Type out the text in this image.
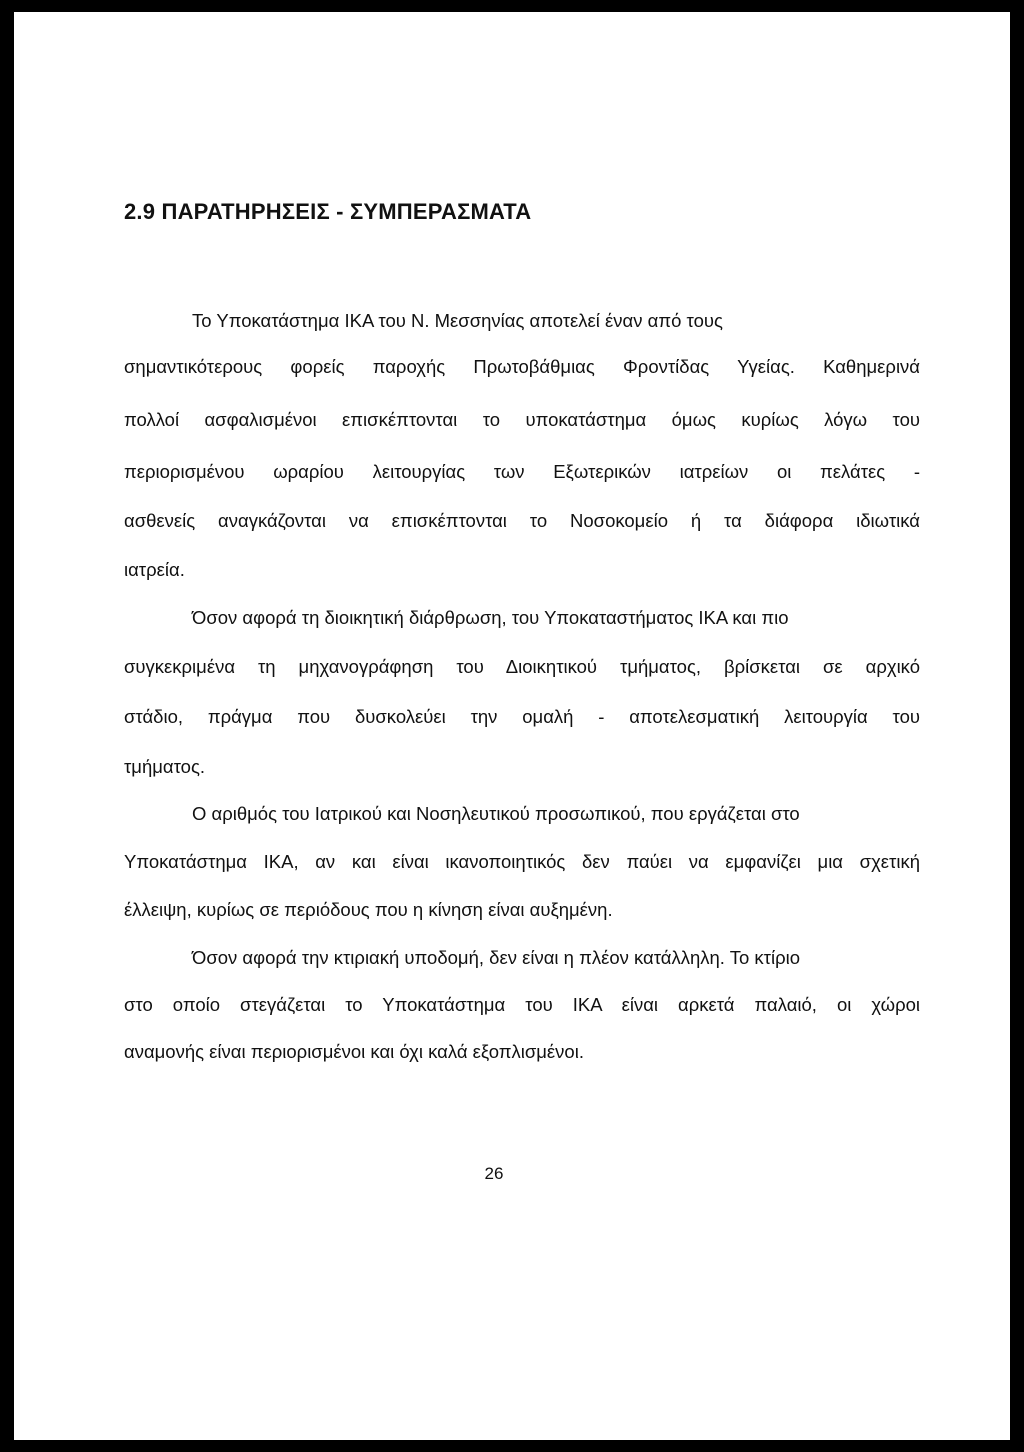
2.9 ΠΑΡΑΤΗΡΗΣΕΙΣ - ΣΥΜΠΕΡΑΣΜΑΤΑ

Το Υποκατάστημα ΙΚΑ του Ν. Μεσσηνίας αποτελεί έναν από τους

σημαντικότερους φορείς παροχής Πρωτοβάθμιας Φροντίδας Υγείας. Καθημερινά

πολλοί ασφαλισμένοι επισκέπτονται το υποκατάστημα όμως κυρίως λόγω του

περιορισμένου ωραρίου λειτουργίας των Εξωτερικών ιατρείων οι πελάτες -

ασθενείς αναγκάζονται να επισκέπτονται το Νοσοκομείο ή τα διάφορα ιδιωτικά

ιατρεία.

Όσον αφορά τη διοικητική διάρθρωση, του Υποκαταστήματος ΙΚΑ και πιο

συγκεκριμένα τη μηχανογράφηση του Διοικητικού τμήματος, βρίσκεται σε αρχικό

στάδιο, πράγμα που δυσκολεύει την ομαλή - αποτελεσματική λειτουργία του

τμήματος.

Ο αριθμός του Ιατρικού και Νοσηλευτικού προσωπικού, που εργάζεται στο

Υποκατάστημα ΙΚΑ, αν και είναι ικανοποιητικός δεν παύει να εμφανίζει μια σχετική

έλλειψη, κυρίως σε περιόδους που η κίνηση είναι αυξημένη.

Όσον αφορά την κτιριακή υποδομή, δεν είναι η πλέον κατάλληλη. Το κτίριο

στο οποίο στεγάζεται το Υποκατάστημα του ΙΚΑ είναι αρκετά παλαιό, οι χώροι

αναμονής είναι περιορισμένοι και όχι καλά εξοπλισμένοι.

26
